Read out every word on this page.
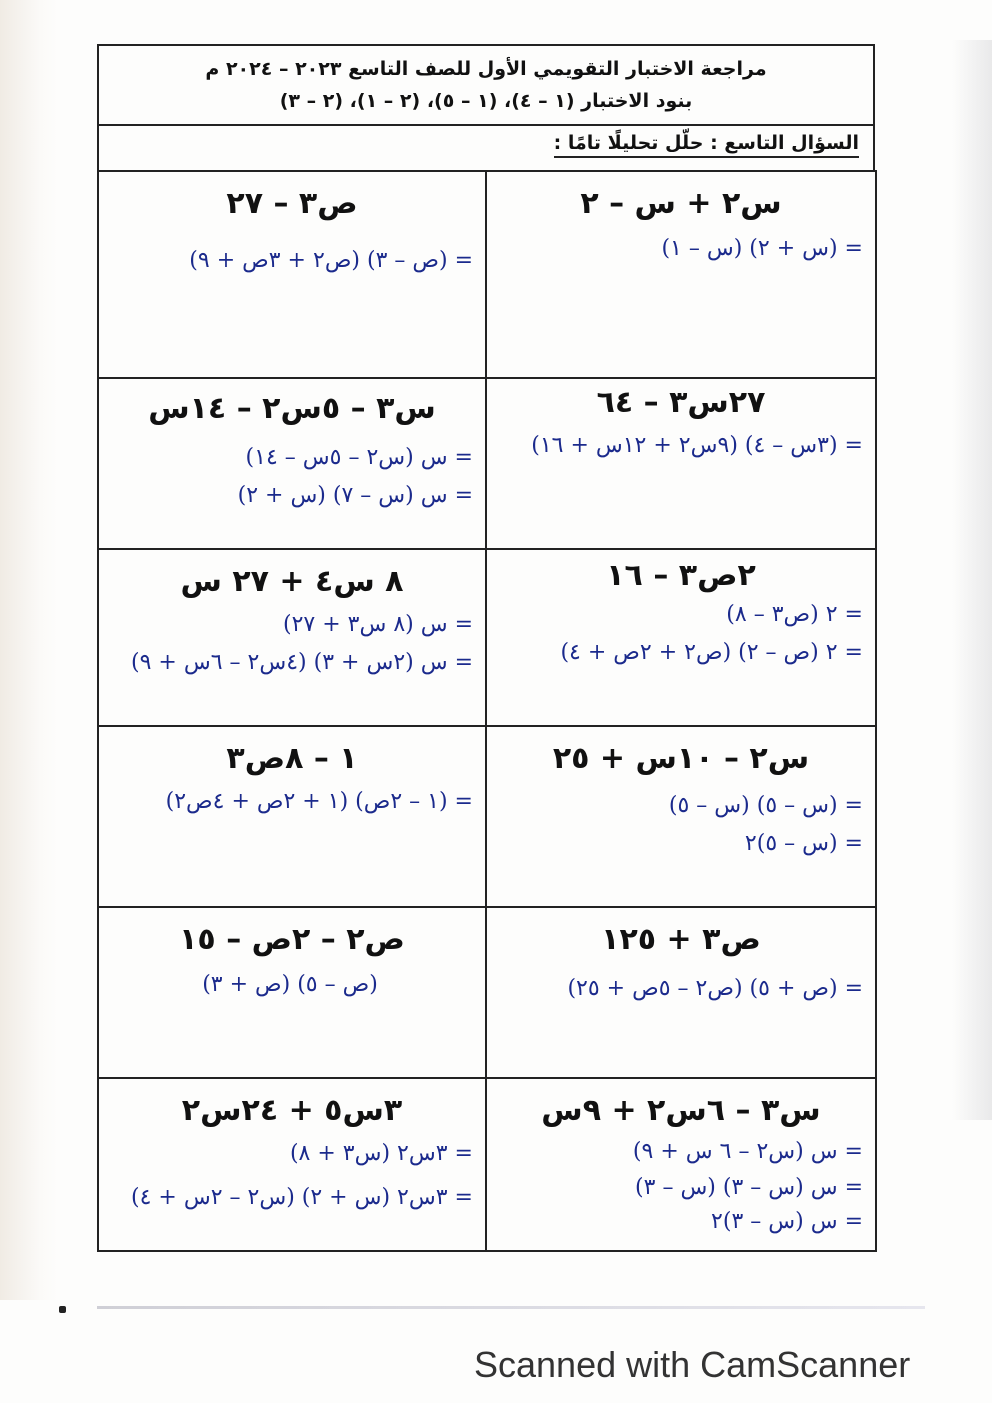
مراجعة الاختبار التقويمي الأول للصف التاسع ٢٠٢٣ – ٢٠٢٤ م
بنود الاختبار (١ – ٤)، (١ – ٥)، (٢ – ١)، (٢ – ٣)
السؤال التاسع : حلّل تحليلًا تامًا :
س٢ + س – ٢
= (س + ٢) (س – ١)
ص٣ – ٢٧
= (ص – ٣) (ص٢ + ٣ص + ٩)
٢٧س٣ – ٦٤
= (٣س – ٤) (٩س٢ + ١٢س + ١٦)
س٣ – ٥س٢ – ١٤س
= س (س٢ – ٥س – ١٤)
= س (س – ٧) (س + ٢)
٢ص٣ – ١٦
= ٢ (ص٣ – ٨)
= ٢ (ص – ٢) (ص٢ + ٢ص + ٤)
٨ س٤ + ٢٧ س
= س (٨ س٣ + ٢٧)
= س (٢س + ٣) (٤س٢ – ٦س + ٩)
س٢ – ١٠س + ٢٥
= (س – ٥) (س – ٥)
= (س – ٥)٢
١ – ٨ص٣
= (١ – ٢ص) (١ + ٢ص + ٤ص٢)
ص٣ + ١٢٥
= (ص + ٥) (ص٢ – ٥ص + ٢٥)
ص٢ – ٢ص – ١٥
(ص – ٥) (ص + ٣)
س٣ – ٦س٢ + ٩س
= س (س٢ – ٦ س + ٩)
= س (س – ٣) (س – ٣)
= س (س – ٣)٢
٣س٥ + ٢٤س٢
= ٣س٢ (س٣ + ٨)
= ٣س٢ (س + ٢) (س٢ – ٢س + ٤)
Scanned with CamScanner
